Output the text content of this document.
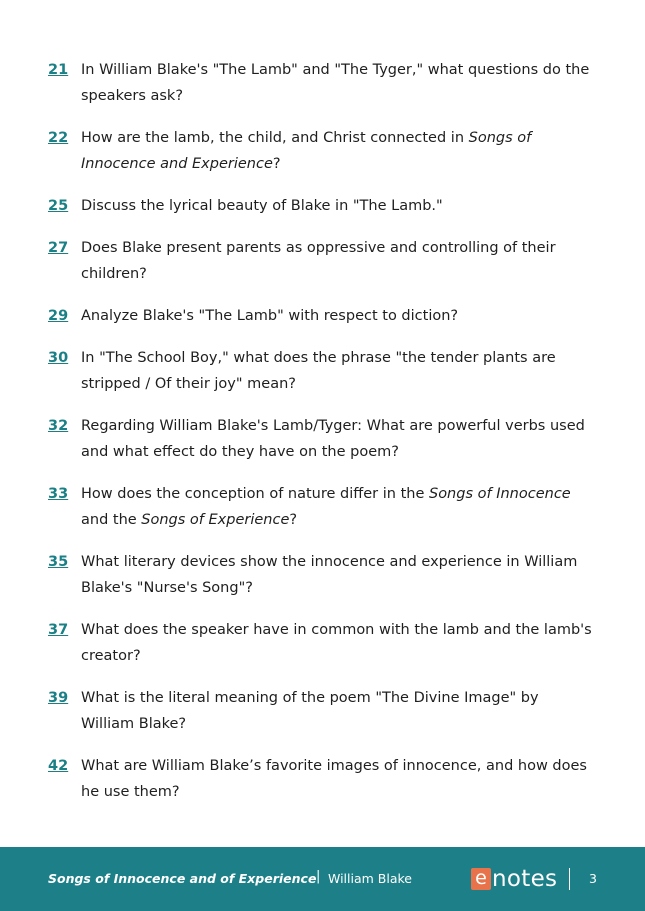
21 In William Blake's "The Lamb" and "The Tyger," what questions do the speakers ask?
22 How are the lamb, the child, and Christ connected in Songs of Innocence and Experience?
25 Discuss the lyrical beauty of Blake in "The Lamb."
27 Does Blake present parents as oppressive and controlling of their children?
29 Analyze Blake's "The Lamb" with respect to diction?
30 In "The School Boy," what does the phrase "the tender plants are stripped / Of their joy" mean?
32 Regarding William Blake's Lamb/Tyger: What are powerful verbs used and what effect do they have on the poem?
33 How does the conception of nature differ in the Songs of Innocence and the Songs of Experience?
35 What literary devices show the innocence and experience in William Blake's "Nurse's Song"?
37 What does the speaker have in common with the lamb and the lamb's creator?
39 What is the literal meaning of the poem "The Divine Image" by William Blake?
42 What are William Blake’s favorite images of innocence, and how does he use them?
Songs of Innocence and of Experience | William Blake	e notes	3
